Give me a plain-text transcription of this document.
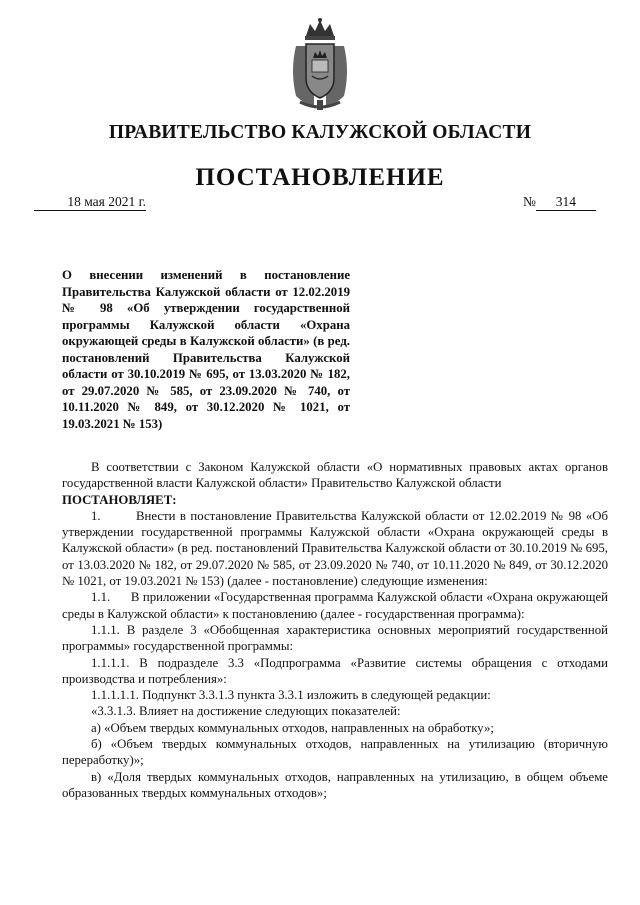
ПРАВИТЕЛЬСТВО КАЛУЖСКОЙ ОБЛАСТИ
ПОСТАНОВЛЕНИЕ
18 мая 2021 г.	№ 314
О внесении изменений в постановление Правительства Калужской области от 12.02.2019 № 98 «Об утверждении государственной программы Калужской области «Охрана окружающей среды в Калужской области» (в ред. постановлений Правительства Калужской области от 30.10.2019 № 695, от 13.03.2020 № 182, от 29.07.2020 № 585, от 23.09.2020 № 740, от 10.11.2020 № 849, от 30.12.2020 № 1021, от 19.03.2021 № 153)

В соответствии с Законом Калужской области «О нормативных правовых актах органов государственной власти Калужской области» Правительство Калужской области

ПОСТАНОВЛЯЕТ:

1.        Внести в постановление Правительства Калужской области от 12.02.2019 № 98 «Об утверждении государственной программы Калужской области «Охрана окружающей среды в Калужской области» (в ред. постановлений Правительства Калужской области от 30.10.2019 № 695, от 13.03.2020 № 182, от 29.07.2020 № 585, от 23.09.2020 № 740, от 10.11.2020 № 849, от 30.12.2020 № 1021, от 19.03.2021 № 153) (далее - постановление) следующие изменения:

1.1.      В приложении «Государственная программа Калужской области «Охрана окружающей среды в Калужской области» к постановлению (далее - государственная программа):

1.1.1. В разделе 3 «Обобщенная характеристика основных мероприятий государственной программы» государственной программы:

1.1.1.1. В подразделе 3.3 «Подпрограмма «Развитие системы обращения с отходами производства и потребления»:

1.1.1.1.1. Подпункт 3.3.1.3 пункта 3.3.1 изложить в следующей редакции:

«3.3.1.3. Влияет на достижение следующих показателей:

а) «Объем твердых коммунальных отходов, направленных на обработку»;

б) «Объем твердых коммунальных отходов, направленных на утилизацию (вторичную переработку)»;

в) «Доля твердых коммунальных отходов, направленных на утилизацию, в общем объеме образованных твердых коммунальных отходов»;
